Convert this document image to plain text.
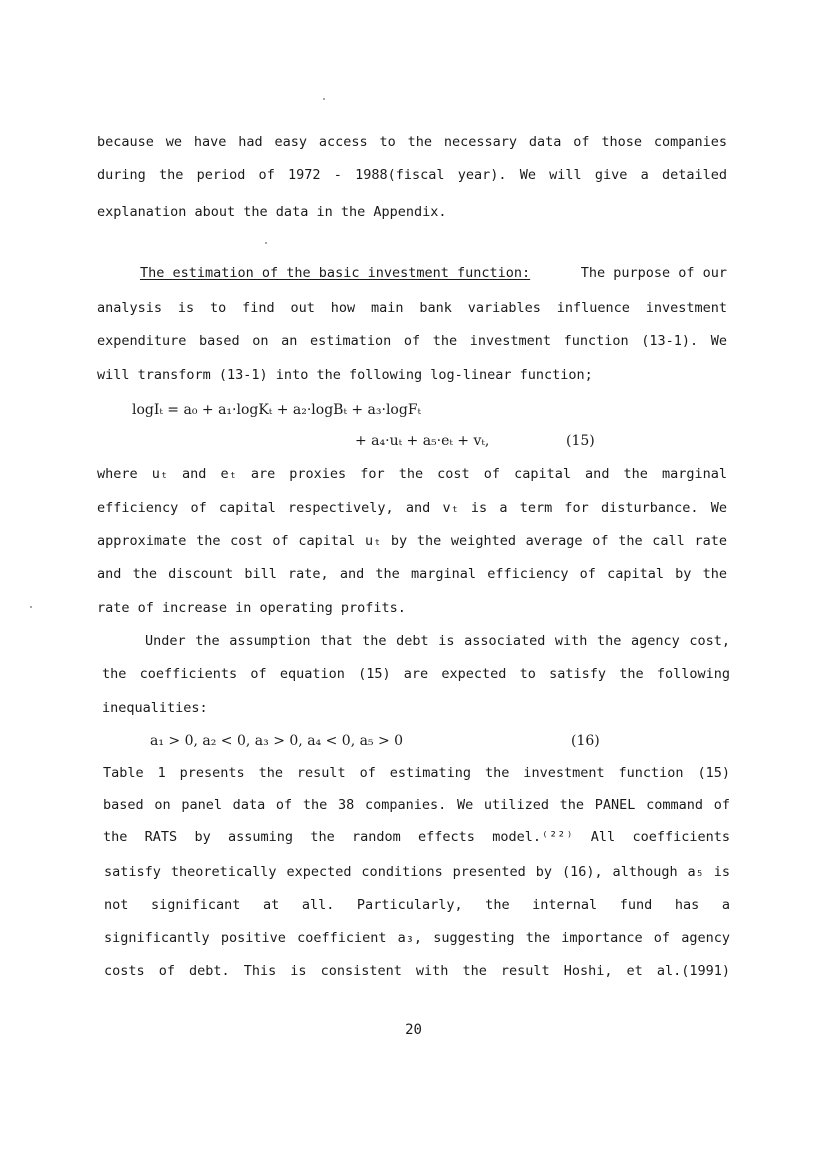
because we have had easy access to the necessary data of those companies
during the period of 1972 - 1988(fiscal year). We will give a detailed
explanation about the data in the Appendix.
The estimation of the basic investment function:	The purpose of our
analysis is to find out how main bank variables influence investment
expenditure based on an estimation of the investment function (13-1). We
will transform (13-1) into the following log-linear function;
logIₜ = a₀ + a₁·logKₜ + a₂·logBₜ + a₃·logFₜ
+ a₄·uₜ + a₅·eₜ + vₜ,	(15)
where uₜ and eₜ are proxies for the cost of capital and the marginal
efficiency of capital respectively, and vₜ is a term for disturbance. We
approximate the cost of capital uₜ by the weighted average of the call rate
and the discount bill rate, and the marginal efficiency of capital by the
rate of increase in operating profits.
Under the assumption that the debt is associated with the agency cost,
the coefficients of equation (15) are expected to satisfy the following
inequalities:
a₁ > 0, a₂ < 0, a₃ > 0, a₄ < 0, a₅ > 0	(16)
Table 1 presents the result of estimating the investment function (15)
based on panel data of the 38 companies. We utilized the PANEL command of
the RATS by assuming the random effects model.⁽²²⁾ All coefficients
satisfy theoretically expected conditions presented by (16), although a₅ is
not significant at all. Particularly, the internal fund has a
significantly positive coefficient a₃, suggesting the importance of agency
costs of debt. This is consistent with the result Hoshi, et al.(1991)
20
